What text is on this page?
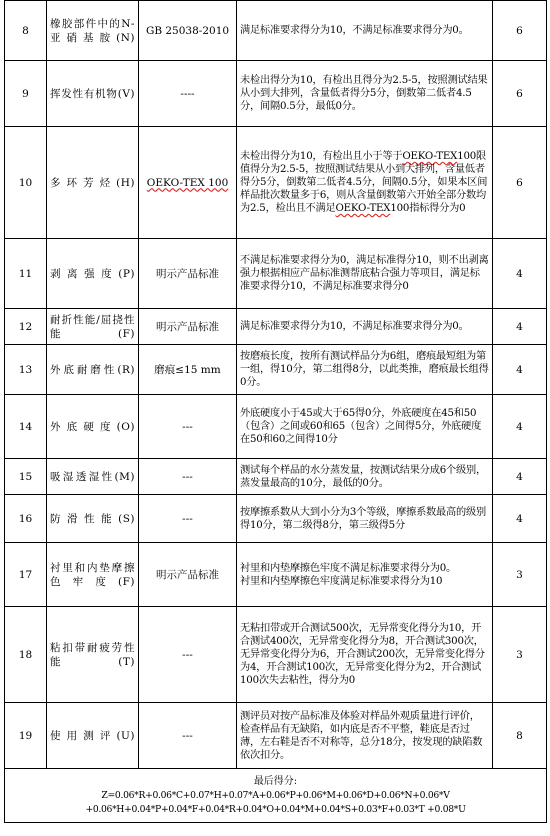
8	橡胶部件中的N-亚硝基胺(N)	GB 25038-2010	满足标准要求得分为10，不满足标准要求得分为0。	6
9	挥发性有机物(V)	----	未检出得分为10，有检出且得分为2.5-5，按照测试结果从小到大排列，含量低者得分5分，倒数第二低者4.5分，间隔0.5分，最低0分。	6
10	多环芳烃(H)	OEKO-TEX 100	未检出得分为10，有检出且小于等于OEKO-TEX100限值得分为2.5-5，按照测试结果从小到大排列，含量低者得分5分，倒数第二低者4.5分，间隔0.5分，如果本区间样品批次数量多于6，则从含量倒数第六开始全部分数均为2.5，检出且不满足OEKO-TEX100指标得分为0	6
11	剥离强度(P)	明示产品标准	不满足标准要求得分为0，满足标准得分10，则不出剥离强力根据相应产品标准测帮底粘合强力等项目，满足标准要求得分10，不满足标准要求得分0	4
12	耐折性能/屈挠性能(F)	明示产品标准	满足标准要求得分为10，不满足标准要求得分为0。	4
13	外底耐磨性(R)	磨痕≤15 mm	按磨痕长度，按所有测试样品分为6组，磨痕最短组为第一组，得10分，第二组得8分，以此类推，磨痕最长组得0分。	4
14	外底硬度(O)	---	外底硬度小于45或大于65得0分，外底硬度在45和50（包含）之间或60和65（包含）之间得5分，外底硬度在50和60之间得10分	4
15	吸湿透湿性(M)	---	测试每个样品的水分蒸发量，按测试结果分成6个级别，蒸发量最高的10分，最低的0分。	4
16	防滑性能(S)	---	按摩擦系数从大到小分为3个等级，摩擦系数最高的级别得10分，第二级得8分，第三级得5分	4
17	衬里和内垫摩擦色牢度(F)	明示产品标准	衬里和内垫摩擦色牢度不满足标准要求得分为0。
衬里和内垫摩擦色牢度满足标准要求得分为10	3
18	粘扣带耐疲劳性能(T)	---	无粘扣带或开合测试500次，无异常变化得分为10，开合测试400次，无异常变化得分为8，开合测试300次，无异常变化得分为6，开合测试200次，无异常变化得分为4，开合测试100次，无异常变化得分为2，开合测试100次失去粘性，得分为0	3
19	使用测评(U)	---	测评员对按产品标准及体验对样品外观质量进行评价，检查样品有无缺陷，如内底是否不平整，鞋底是否过薄，左右鞋是否不对称等，总分18分，按发现的缺陷数依次扣分。	8

最后得分:
Z=0.06*R+0.06*C+0.07*H+0.07*A+0.06*P+0.06*M+0.06*D+0.06*N+0.06*V
+0.06*H+0.04*P+0.04*F+0.04*R+0.04*O+0.04*M+0.04*S+0.03*F+0.03*T +0.08*U				
